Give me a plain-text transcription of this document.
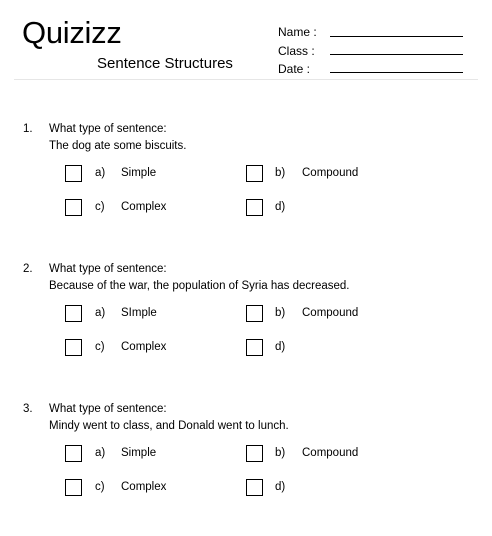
Quizizz
Sentence Structures
Name :
Class :
Date :
1. What type of sentence:
The dog ate some biscuits.
a) Simple	b) Compound
c) Complex	d)
2. What type of sentence:
Because of the war, the population of Syria has decreased.
a) SImple	b) Compound
c) Complex	d)
3. What type of sentence:
Mindy went to class, and Donald went to lunch.
a) Simple	b) Compound
c) Complex	d)
